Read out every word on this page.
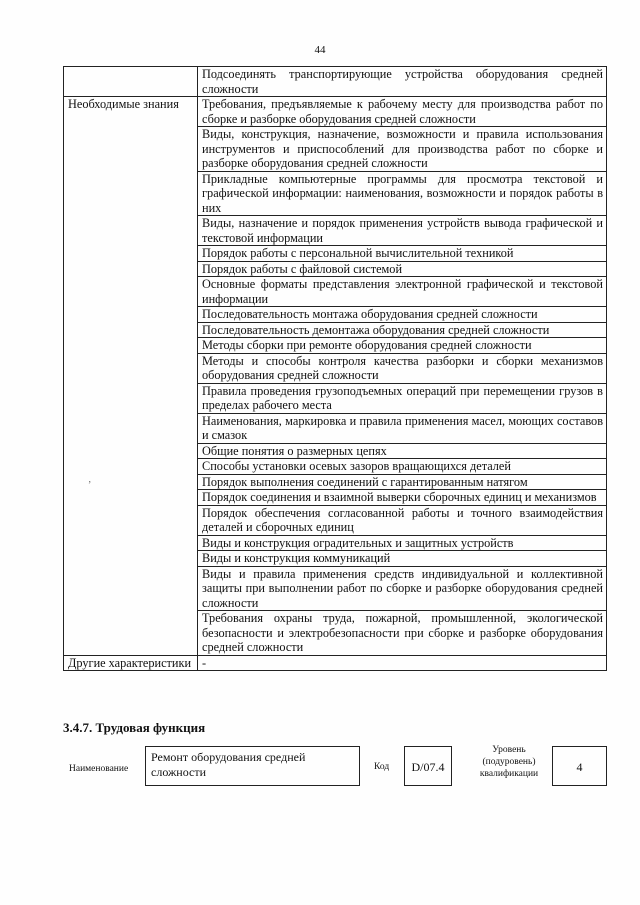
44
	Подсоединять транспортирующие устройства оборудования средней сложности
Необходимые знания	Требования, предъявляемые к рабочему месту для производства работ по сборке и разборке оборудования средней сложности
	Виды, конструкция, назначение, возможности и правила использования инструментов и приспособлений для производства работ по сборке и разборке оборудования средней сложности
	Прикладные компьютерные программы для просмотра текстовой и графической информации: наименования, возможности и порядок работы в них
	Виды, назначение и порядок применения устройств вывода графической и текстовой информации
	Порядок работы с персональной вычислительной техникой
	Порядок работы с файловой системой
	Основные форматы представления электронной графической и текстовой информации
	Последовательность монтажа оборудования средней сложности
	Последовательность демонтажа оборудования средней сложности
	Методы сборки при ремонте оборудования средней сложности
	Методы и способы контроля качества разборки и сборки механизмов оборудования средней сложности
	Правила проведения грузоподъемных операций при перемещении грузов в пределах рабочего места
	Наименования, маркировка и правила применения масел, моющих составов и смазок
	Общие понятия о размерных цепях
	Способы установки осевых зазоров вращающихся деталей
	Порядок выполнения соединений с гарантированным натягом
	Порядок соединения и взаимной выверки сборочных единиц и механизмов
	Порядок обеспечения согласованной работы и точного взаимодействия деталей и сборочных единиц
	Виды и конструкция оградительных и защитных устройств
	Виды и конструкция коммуникаций
	Виды и правила применения средств индивидуальной и коллективной защиты при выполнении работ по сборке и разборке оборудования средней сложности
	Требования охраны труда, пожарной, промышленной, экологической безопасности и электробезопасности при сборке и разборке оборудования средней сложности
Другие характеристики	-
ʼ
3.4.7. Трудовая функция
Наименование
Ремонт оборудования средней сложности	Код	D/07.4
Уровень (подуровень) квалификации	4
